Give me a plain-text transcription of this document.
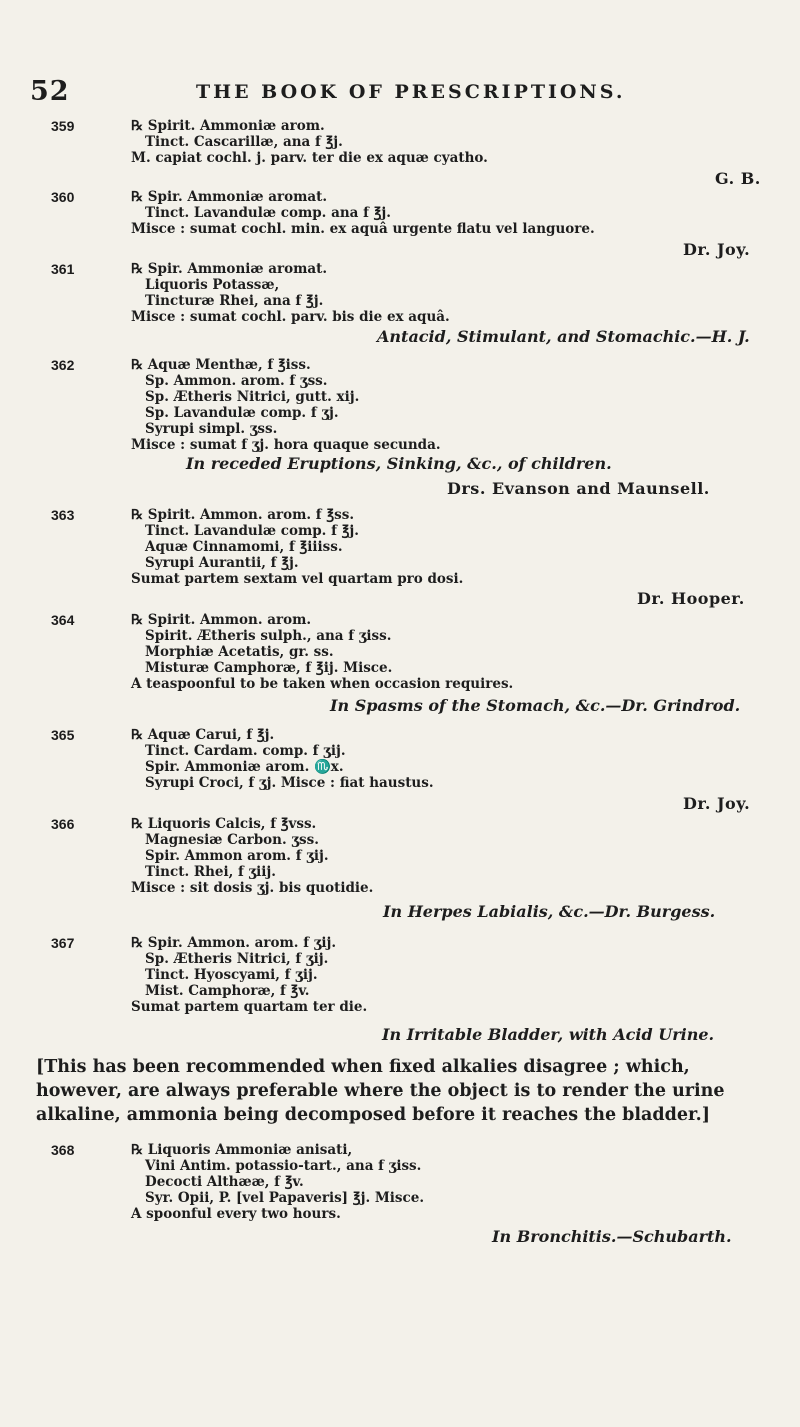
52	THE BOOK OF PRESCRIPTIONS.
359	℞ Spirit. Ammoniæ arom.
Tinct. Cascarillæ, ana f ℥j.
M. capiat cochl. j. parv. ter die ex aquæ cyatho.
G. B.
360	℞ Spir. Ammoniæ aromat.
Tinct. Lavandulæ comp. ana f ℥j.
Misce : sumat cochl. min. ex aquâ urgente flatu vel languore.
Dr. Joy.
361	℞ Spir. Ammoniæ aromat.
Liquoris Potassæ,
Tincturæ Rhei, ana f ℥j.
Misce : sumat cochl. parv. bis die ex aquâ.
Antacid, Stimulant, and Stomachic.—H. J.
362	℞ Aquæ Menthæ, f ℥iss.
Sp. Ammon. arom. f ʒss.
Sp. Ætheris Nitrici, gutt. xij.
Sp. Lavandulæ comp. f ʒj.
Syrupi simpl. ʒss.
Misce : sumat f ʒj. hora quaque secunda.
In receded Eruptions, Sinking, &c., of children.
Drs. Evanson and Maunsell.
363	℞ Spirit. Ammon. arom. f ℥ss.
Tinct. Lavandulæ comp. f ℥j.
Aquæ Cinnamomi, f ℥iiiss.
Syrupi Aurantii, f ℥j.
Sumat partem sextam vel quartam pro dosi.
Dr. Hooper.
364	℞ Spirit. Ammon. arom.
Spirit. Ætheris sulph., ana f ʒiss.
Morphiæ Acetatis, gr. ss.
Misturæ Camphoræ, f ℥ij. Misce.
A teaspoonful to be taken when occasion requires.
In Spasms of the Stomach, &c.—Dr. Grindrod.
365	℞ Aquæ Carui, f ℥j.
Tinct. Cardam. comp. f ʒij.
Spir. Ammoniæ arom. ♏x.
Syrupi Croci, f ʒj. Misce : fiat haustus.
Dr. Joy.
366	℞ Liquoris Calcis, f ℥vss.
Magnesiæ Carbon. ʒss.
Spir. Ammon arom. f ʒij.
Tinct. Rhei, f ʒiij.
Misce : sit dosis ʒj. bis quotidie.
In Herpes Labialis, &c.—Dr. Burgess.
367	℞ Spir. Ammon. arom. f ʒij.
Sp. Ætheris Nitrici, f ʒij.
Tinct. Hyoscyami, f ʒij.
Mist. Camphoræ, f ℥v.
Sumat partem quartam ter die.
In Irritable Bladder, with Acid Urine.
[This has been recommended when fixed alkalies disagree ; which,
however, are always preferable where the object is to render the urine
alkaline, ammonia being decomposed before it reaches the bladder.]
368	℞ Liquoris Ammoniæ anisati,
Vini Antim. potassio-tart., ana f ʒiss.
Decocti Althææ, f ℥v.
Syr. Opii, P. [vel Papaveris] ℥j. Misce.
A spoonful every two hours.
In Bronchitis.—Schubarth.
